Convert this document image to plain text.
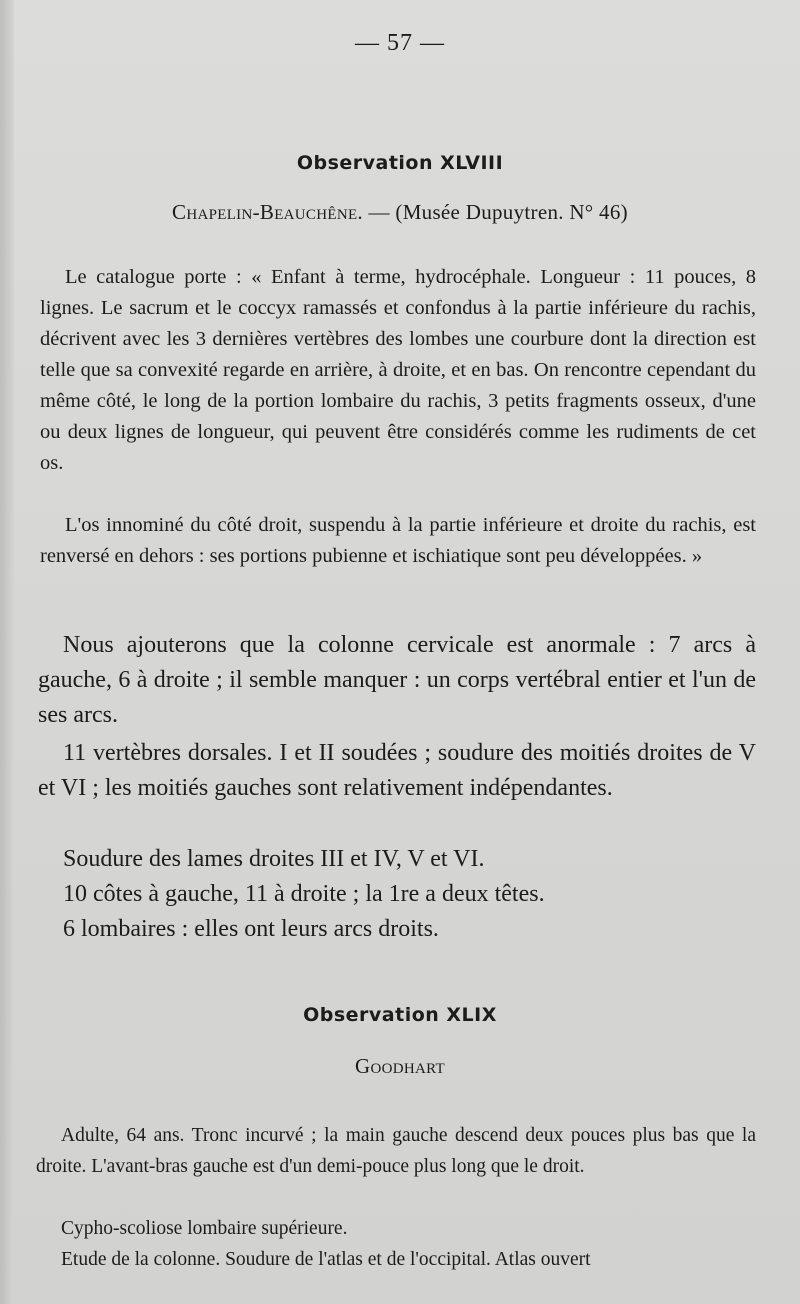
— 57 —
Observation XLVIII
Chapelin-Beauchêne. — (Musée Dupuytren. N° 46)

Le catalogue porte : « Enfant à terme, hydrocéphale. Longueur : 11 pouces, 8 lignes. Le sacrum et le coccyx ramassés et confondus à la partie inférieure du rachis, décrivent avec les 3 dernières vertèbres des lombes une courbure dont la direction est telle que sa convexité regarde en arrière, à droite, et en bas. On rencontre cependant du même côté, le long de la portion lombaire du rachis, 3 petits fragments osseux, d'une ou deux lignes de longueur, qui peuvent être considérés comme les rudiments de cet os.

L'os innominé du côté droit, suspendu à la partie inférieure et droite du rachis, est renversé en dehors : ses portions pubienne et ischiatique sont peu développées. »

Nous ajouterons que la colonne cervicale est anormale : 7 arcs à gauche, 6 à droite ; il semble manquer : un corps vertébral entier et l'un de ses arcs.

11 vertèbres dorsales. I et II soudées ; soudure des moitiés droites de V et VI ; les moitiés gauches sont relativement indépendantes.

Soudure des lames droites III et IV, V et VI.

10 côtes à gauche, 11 à droite ; la 1re a deux têtes.

6 lombaires : elles ont leurs arcs droits.

Observation XLIX
Goodhart

Adulte, 64 ans. Tronc incurvé ; la main gauche descend deux pouces plus bas que la droite. L'avant-bras gauche est d'un demi-pouce plus long que le droit.

Cypho-scoliose lombaire supérieure.

Etude de la colonne. Soudure de l'atlas et de l'occipital. Atlas ouvert
